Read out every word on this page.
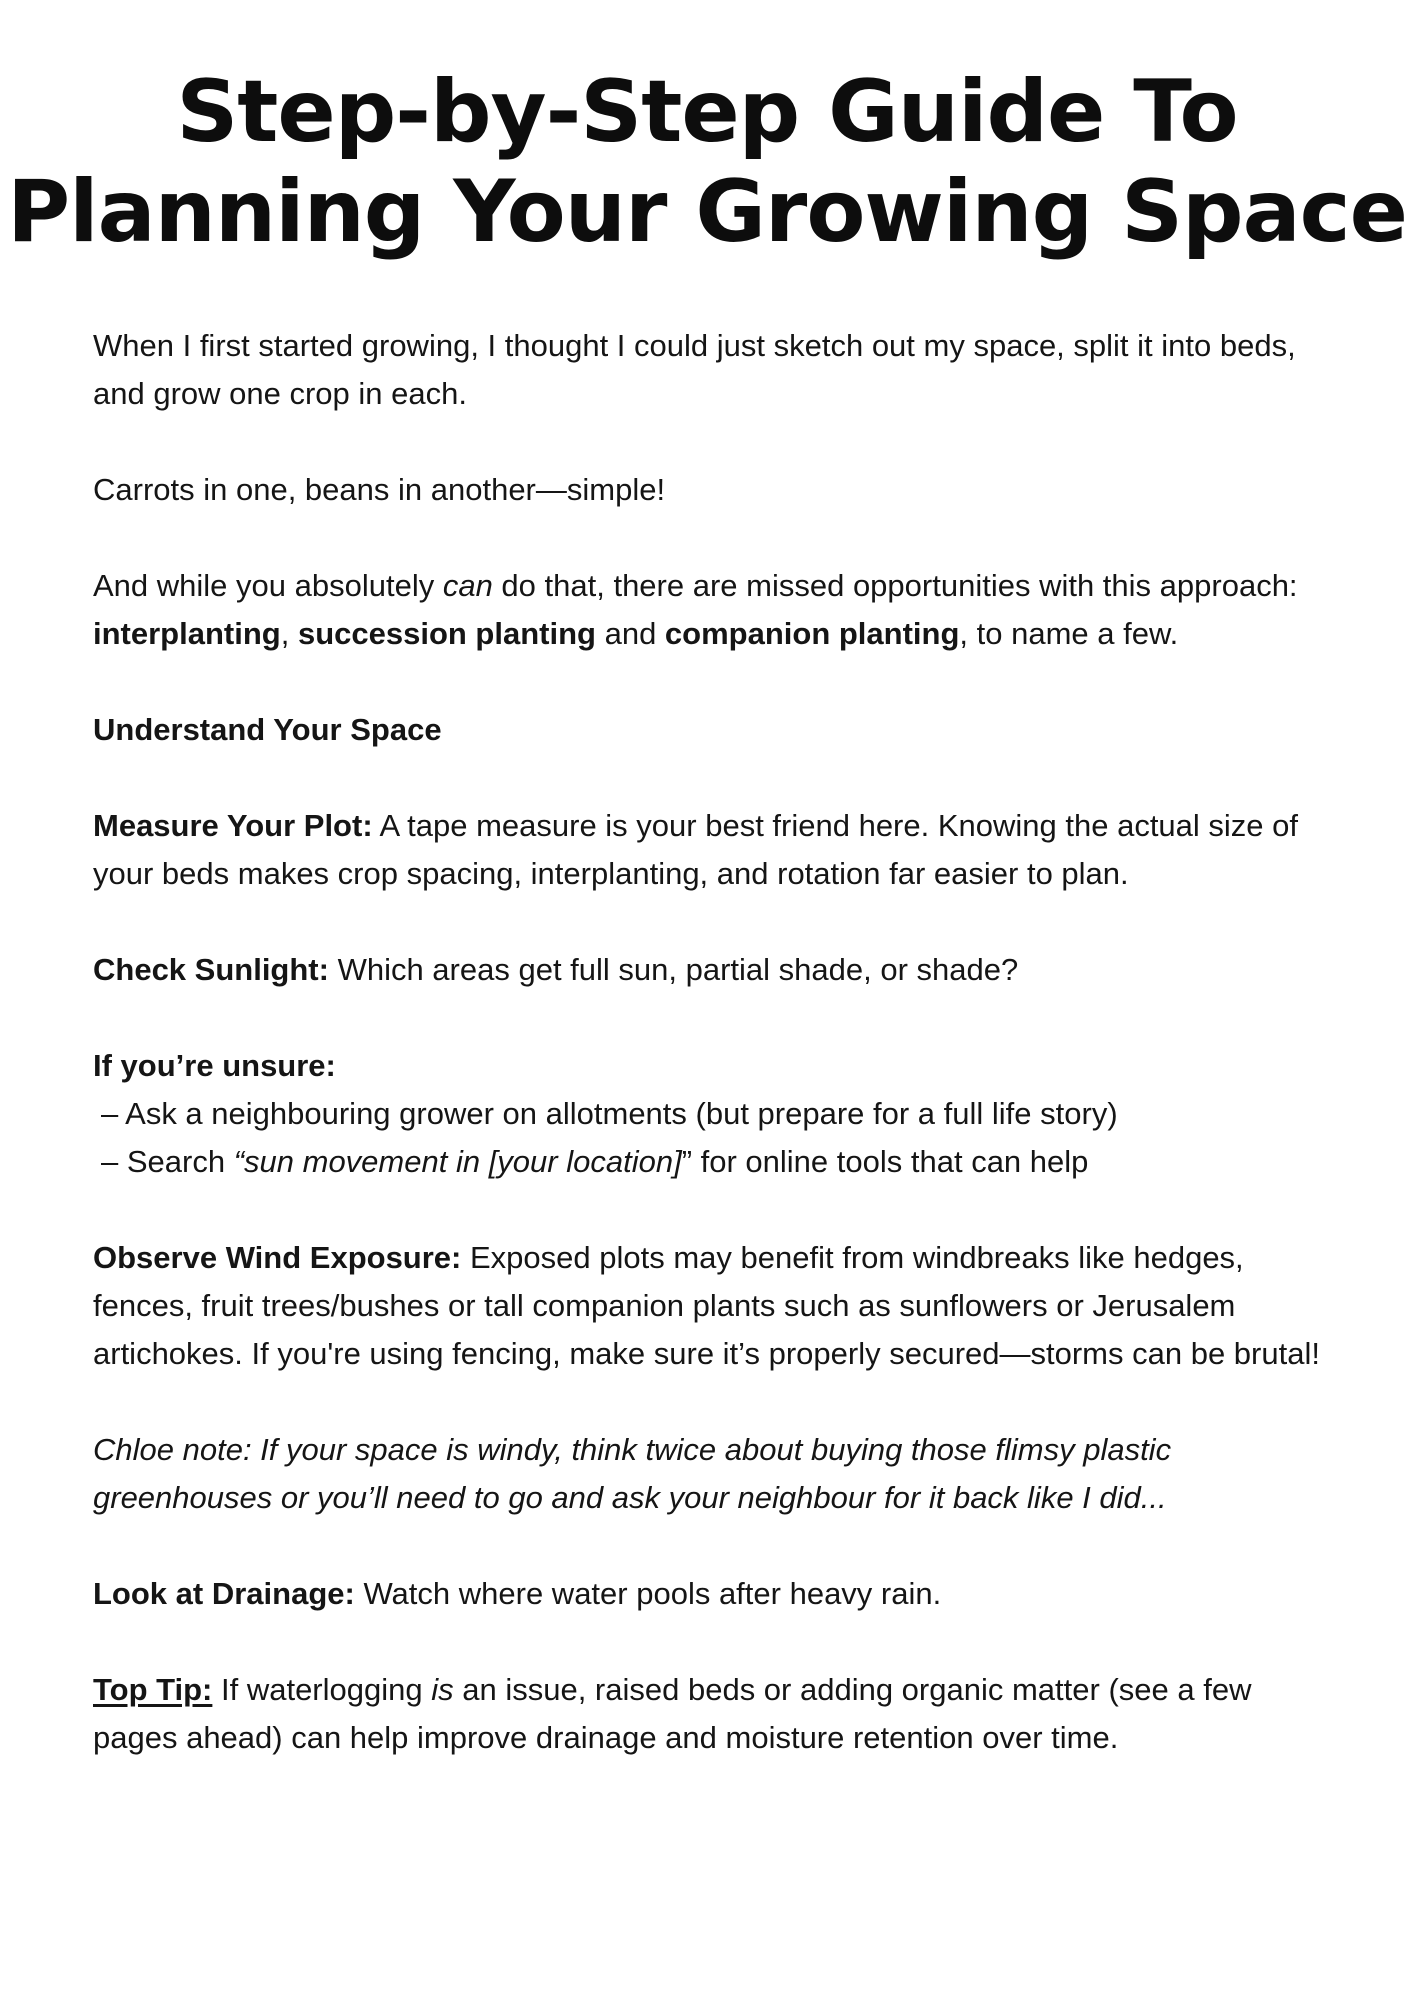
Step-by-Step Guide To
Planning Your Growing Space

When I first started growing, I thought I could just sketch out my space, split it into beds, and grow one crop in each.

Carrots in one, beans in another—simple!

And while you absolutely can do that, there are missed opportunities with this approach: interplanting, succession planting and companion planting, to name a few.

Understand Your Space

Measure Your Plot: A tape measure is your best friend here. Knowing the actual size of your beds makes crop spacing, interplanting, and rotation far easier to plan.

Check Sunlight: Which areas get full sun, partial shade, or shade?

If you’re unsure:
– Ask a neighbouring grower on allotments (but prepare for a full life story)
– Search “sun movement in [your location]” for online tools that can help

Observe Wind Exposure: Exposed plots may benefit from windbreaks like hedges, fences, fruit trees/bushes or tall companion plants such as sunflowers or Jerusalem artichokes. If you're using fencing, make sure it’s properly secured—storms can be brutal!

Chloe note: If your space is windy, think twice about buying those flimsy plastic greenhouses or you’ll need to go and ask your neighbour for it back like I did...

Look at Drainage: Watch where water pools after heavy rain.

Top Tip: If waterlogging is an issue, raised beds or adding organic matter (see a few pages ahead) can help improve drainage and moisture retention over time.
